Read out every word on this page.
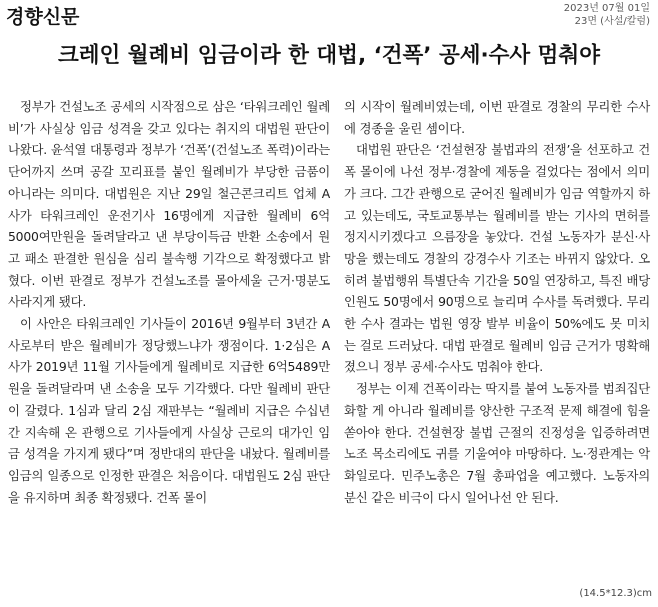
경향신문	2023년 07월 01일
23면 (사설/칼럼)
크레인 월례비 임금이라 한 대법, ‘건폭’ 공세·수사 멈춰야

정부가 건설노조 공세의 시작점으로 삼은 ‘타워크레인 월례비’가 사실상 임금 성격을 갖고 있다는 취지의 대법원 판단이 나왔다. 윤석열 대통령과 정부가 ‘건폭’(건설노조 폭력)이라는 단어까지 쓰며 공갈 꼬리표를 붙인 월례비가 부당한 금품이 아니라는 의미다. 대법원은 지난 29일 철근콘크리트 업체 A사가 타워크레인 운전기사 16명에게 지급한 월례비 6억5000여만원을 돌려달라고 낸 부당이득금 반환 소송에서 원고 패소 판결한 원심을 심리 불속행 기각으로 확정했다고 밝혔다. 이번 판결로 정부가 건설노조를 몰아세울 근거·명분도 사라지게 됐다.

이 사안은 타워크레인 기사들이 2016년 9월부터 3년간 A사로부터 받은 월례비가 정당했느냐가 쟁점이다. 1·2심은 A사가 2019년 11월 기사들에게 월례비로 지급한 6억5489만원을 돌려달라며 낸 소송을 모두 기각했다. 다만 월례비 판단이 갈렸다. 1심과 달리 2심 재판부는 “월례비 지급은 수십년간 지속해 온 관행으로 기사들에게 사실상 근로의 대가인 임금 성격을 가지게 됐다”며 정반대의 판단을 내놨다. 월례비를 임금의 일종으로 인정한 판결은 처음이다. 대법원도 2심 판단을 유지하며 최종 확정됐다. 건폭 몰이

의 시작이 월례비였는데, 이번 판결로 경찰의 무리한 수사에 경종을 울린 셈이다.

대법원 판단은 ‘건설현장 불법과의 전쟁’을 선포하고 건폭 몰이에 나선 정부·경찰에 제동을 걸었다는 점에서 의미가 크다. 그간 관행으로 굳어진 월례비가 임금 역할까지 하고 있는데도, 국토교통부는 월례비를 받는 기사의 면허를 정지시키겠다고 으름장을 놓았다. 건설 노동자가 분신·사망을 했는데도 경찰의 강경수사 기조는 바뀌지 않았다. 오히려 불법행위 특별단속 기간을 50일 연장하고, 특진 배당 인원도 50명에서 90명으로 늘리며 수사를 독려했다. 무리한 수사 결과는 법원 영장 발부 비율이 50%에도 못 미치는 걸로 드러났다. 대법 판결로 월례비 임금 근거가 명확해졌으니 정부 공세·수사도 멈춰야 한다.

정부는 이제 건폭이라는 딱지를 붙여 노동자를 범죄집단화할 게 아니라 월례비를 양산한 구조적 문제 해결에 힘을 쏟아야 한다. 건설현장 불법 근절의 진정성을 입증하려면 노조 목소리에도 귀를 기울여야 마땅하다. 노·정관계는 악화일로다. 민주노총은 7월 총파업을 예고했다. 노동자의 분신 같은 비극이 다시 일어나선 안 된다.

(14.5*12.3)cm
